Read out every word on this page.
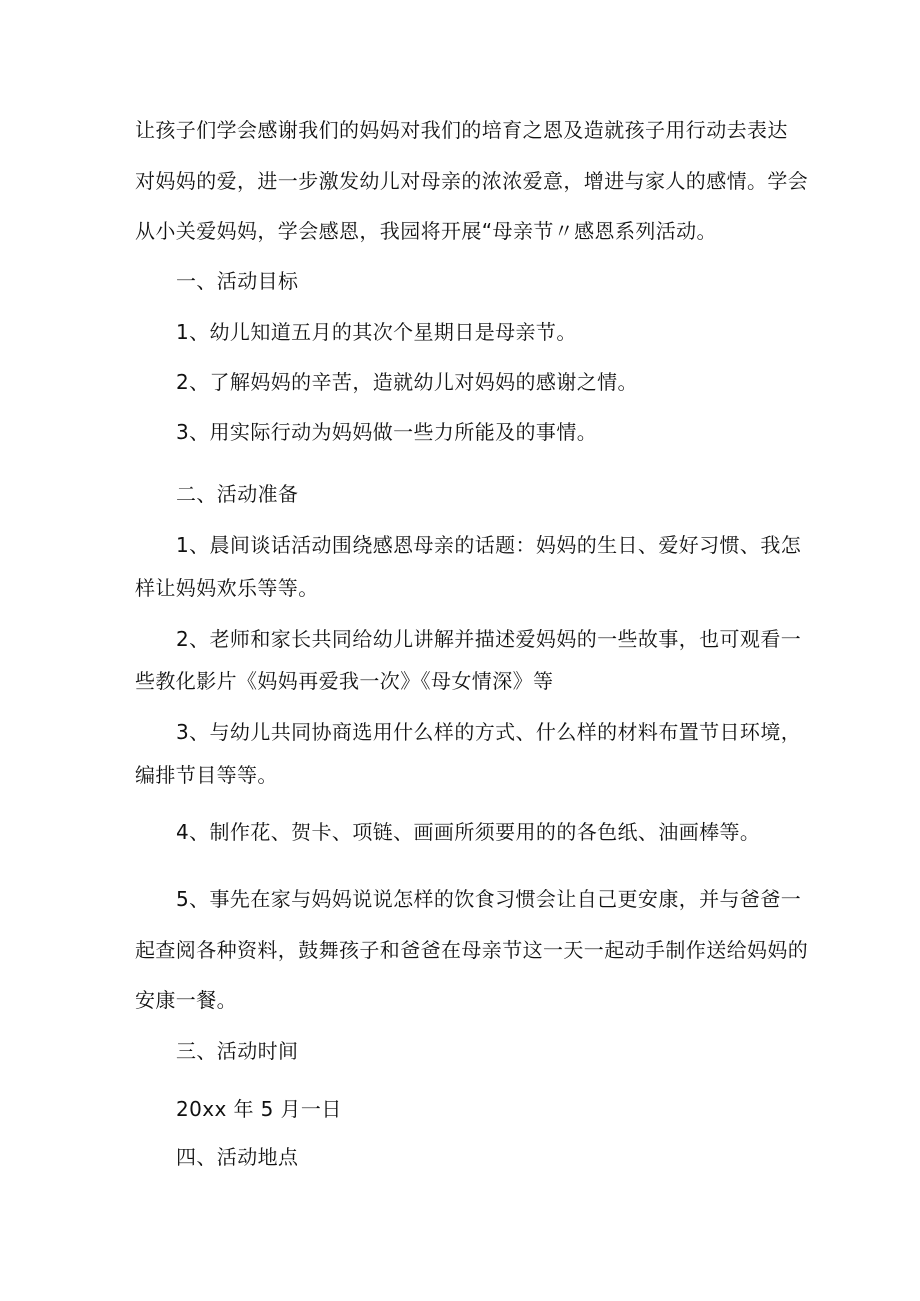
让孩子们学会感谢我们的妈妈对我们的培育之恩及造就孩子用行动去表达
对妈妈的爱，进一步激发幼儿对母亲的浓浓爱意，增进与家人的感情。学会
从小关爱妈妈，学会感恩，我园将开展“母亲节〃感恩系列活动。
一、活动目标
1、幼儿知道五月的其次个星期日是母亲节。
2、了解妈妈的辛苦，造就幼儿对妈妈的感谢之情。
3、用实际行动为妈妈做一些力所能及的事情。
二、活动准备
1、晨间谈话活动围绕感恩母亲的话题：妈妈的生日、爱好习惯、我怎
样让妈妈欢乐等等。
2、老师和家长共同给幼儿讲解并描述爱妈妈的一些故事，也可观看一
些教化影片《妈妈再爱我一次》《母女情深》等
3、与幼儿共同协商选用什么样的方式、什么样的材料布置节日环境，
编排节目等等。
4、制作花、贺卡、项链、画画所须要用的的各色纸、油画棒等。
5、事先在家与妈妈说说怎样的饮食习惯会让自己更安康，并与爸爸一
起查阅各种资料，鼓舞孩子和爸爸在母亲节这一天一起动手制作送给妈妈的
安康一餐。
三、活动时间
20xx 年 5 月一日
四、活动地点
